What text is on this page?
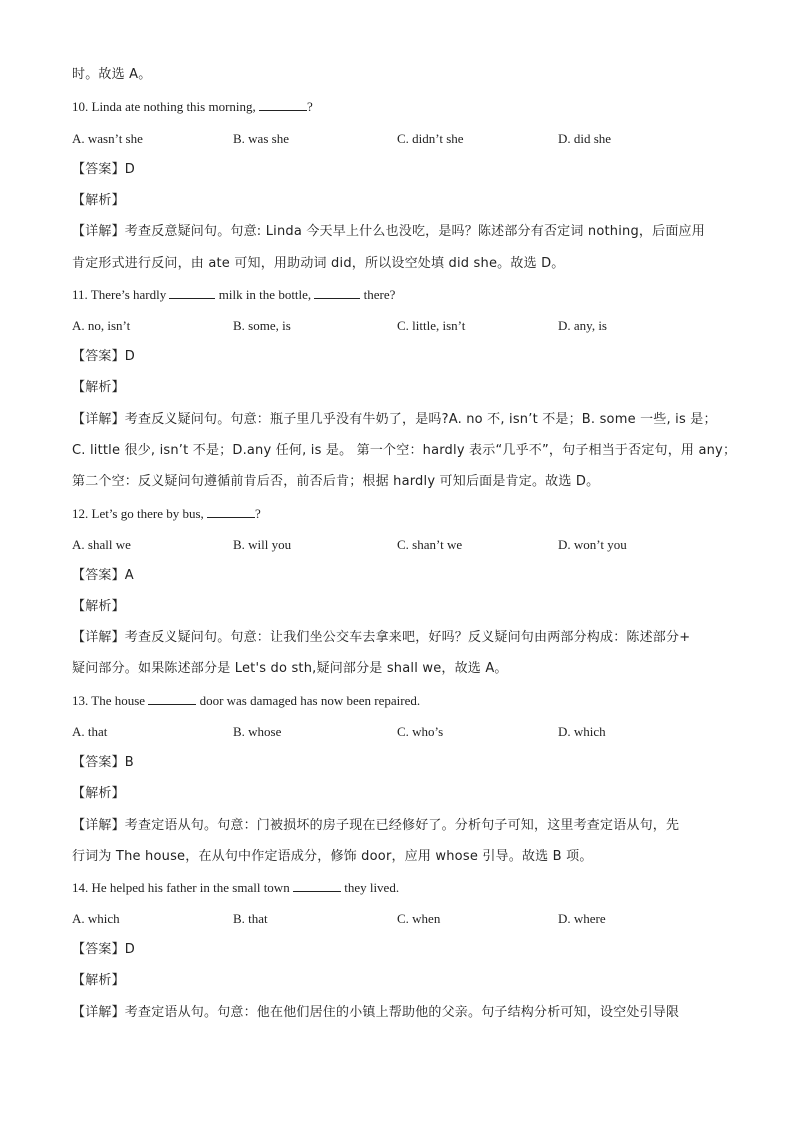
时。故选 A。
10. Linda ate nothing this morning,	?
A. wasn’t she	B. was she	C. didn’t she	D. did she
【答案】D
【解析】
【详解】考查反意疑问句。句意: Linda 今天早上什么也没吃，是吗？陈述部分有否定词 nothing，后面应用
肯定形式进行反问，由 ate 可知，用助动词 did，所以设空处填 did she。故选 D。
11. There’s hardly	milk in the bottle,	there?
A. no, isn’t	B. some, is	C. little, isn’t	D. any, is
【答案】D
【解析】
【详解】考查反义疑问句。句意：瓶子里几乎没有牛奶了，是吗?A. no 不, isn’t 不是；B. some 一些, is 是；
C. little 很少, isn’t 不是；D.any 任何, is 是。 第一个空：hardly 表示“几乎不”，句子相当于否定句，用 any；
第二个空：反义疑问句遵循前肯后否，前否后肯；根据 hardly 可知后面是肯定。故选 D。
12. Let’s go there by bus,	?
A. shall we	B. will you	C. shan’t we	D. won’t you
【答案】A
【解析】
【详解】考查反义疑问句。句意：让我们坐公交车去拿来吧，好吗？反义疑问句由两部分构成：陈述部分+
疑问部分。如果陈述部分是 Let's do sth,疑问部分是 shall we，故选 A。
13. The house	door was damaged has now been repaired.
A. that	B. whose	C. who’s	D. which
【答案】B
【解析】
【详解】考查定语从句。句意：门被损坏的房子现在已经修好了。分析句子可知，这里考查定语从句，先
行词为 The house，在从句中作定语成分，修饰 door，应用 whose 引导。故选 B 项。
14. He helped his father in the small town	they lived.
A. which	B. that	C. when	D. where
【答案】D
【解析】
【详解】考查定语从句。句意：他在他们居住的小镇上帮助他的父亲。句子结构分析可知，设空处引导限
